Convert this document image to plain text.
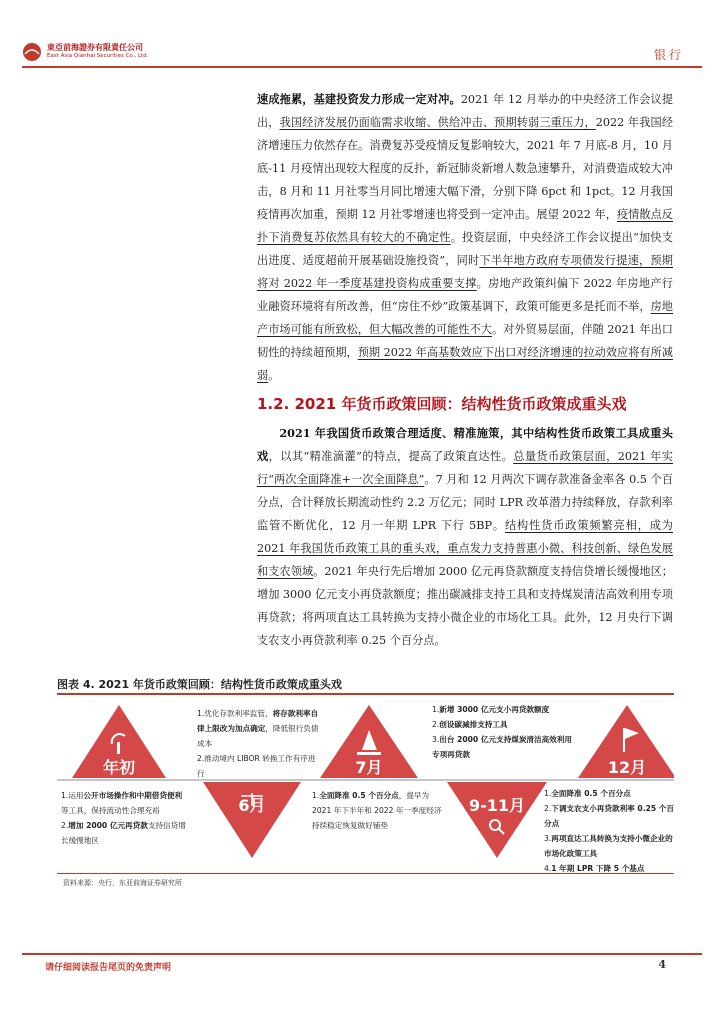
東亞前海證券有限責任公司
East Asia Qianhai Securities Co., Ltd.	银行
速成拖累，基建投资发力形成一定对冲。2021 年 12 月举办的中央经济工作会议提出，我国经济发展仍面临需求收缩、供给冲击、预期转弱三重压力，2022 年我国经济增速压力依然存在。消费复苏受疫情反复影响较大，2021 年 7 月底-8 月，10 月底-11 月疫情出现较大程度的反扑，新冠肺炎新增人数急速攀升，对消费造成较大冲击，8 月和 11 月社零当月同比增速大幅下滑，分别下降 6pct 和 1pct。12 月我国疫情再次加重，预期 12 月社零增速也将受到一定冲击。展望 2022 年，疫情散点反扑下消费复苏依然具有较大的不确定性。投资层面，中央经济工作会议提出“加快支出进度、适度超前开展基础设施投资”，同时下半年地方政府专项债发行提速，预期将对 2022 年一季度基建投资构成重要支撑。房地产政策纠偏下 2022 年房地产行业融资环境将有所改善，但“房住不炒”政策基调下，政策可能更多是托而不举，房地产市场可能有所致松，但大幅改善的可能性不大。对外贸易层面，伴随 2021 年出口韧性的持续超预期，预期 2022 年高基数效应下出口对经济增速的拉动效应将有所减弱。
1.2. 2021 年货币政策回顾：结构性货币政策成重头戏
2021 年我国货币政策合理适度、精准施策，其中结构性货币政策工具成重头戏，以其“精准滴灌”的特点，提高了政策直达性。总量货币政策层面，2021 年实行“两次全面降准+一次全面降息”。7 月和 12 月两次下调存款准备金率各 0.5 个百分点，合计释放长期流动性约 2.2 万亿元；同时 LPR 改革潜力持续释放，存款利率监管不断优化，12 月一年期 LPR 下行 5BP。结构性货币政策频繁亮相，成为 2021 年我国货币政策工具的重头戏，重点发力支持普惠小微、科技创新、绿色发展和支农领域。2021 年央行先后增加 2000 亿元再贷款额度支持信贷增长缓慢地区；增加 3000 亿元支小再贷款额度；推出碳减排支持工具和支持煤炭清洁高效利用专项再贷款；将两项直达工具转换为支持小微企业的市场化工具。此外，12 月央行下调支农支小再贷款利率 0.25 个百分点。
图表 4. 2021 年货币政策回顾：结构性货币政策成重头戏
年初
6月
7月
9-11月
12月
1.运用公开市场操作和中期借贷便利等工具，保持流动性合理充裕
2.增加 2000 亿元再贷款支持信贷增长缓慢地区
1.优化存款利率监管，将存款利率自律上限改为加点确定，降低银行负债成本
2.推动境内 LIBOR 转换工作有序进行
1.全面降准 0.5 个百分点，提早为 2021 年下半年和 2022 年一季度经济持续稳定恢复做好铺垫
1.新增 3000 亿元支小再贷款额度
2.创设碳减排支持工具
3.出台 2000 亿元支持煤炭清洁高效利用专项再贷款
1.全面降准 0.5 个百分点
2.下调支农支小再贷款利率 0.25 个百分点
3.两项直达工具转换为支持小微企业的市场化政策工具
4.1 年期 LPR 下降 5 个基点
资料来源：央行，东亚前海证券研究所
请仔细阅读报告尾页的免责声明	4
